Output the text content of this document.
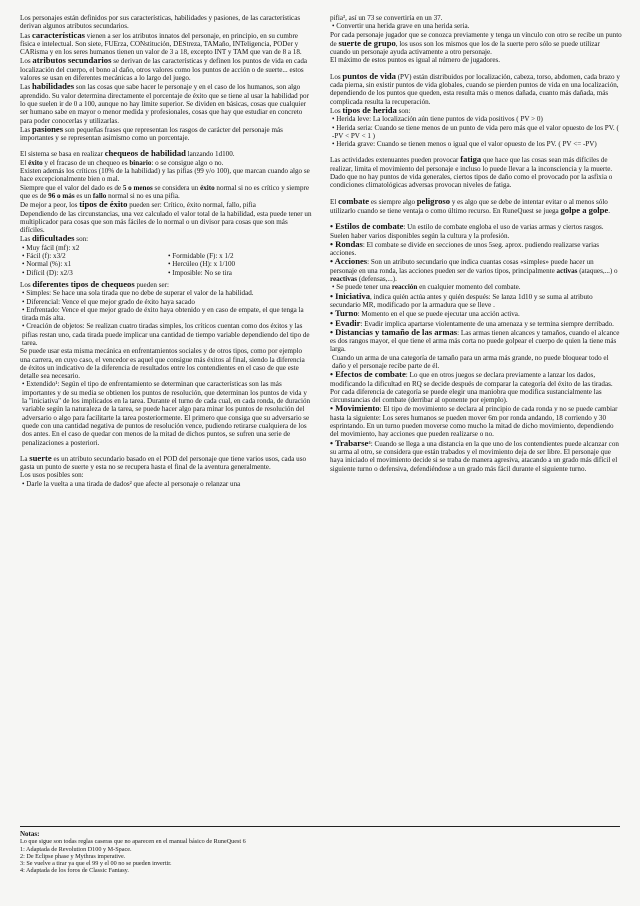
Los personajes están definidos por sus características, habilidades y pasiones, de las características derivan algunos atributos secundarios.

Las características vienen a ser los atributos innatos del personaje, en principio, en su cumbre física e intelectual. Son siete, FUErza, CONstitución, DEStreza, TAMaño, INTeligencia, PODer y CARisma y en los seres humanos tienen un valor de 3 a 18, excepto INT y TAM que van de 8 a 18.

Los atributos secundarios se derivan de las características y definen los puntos de vida en cada localización del cuerpo, el bono al daño, otros valores como los puntos de acción o de suerte... estos valores se usan en diferentes mecánicas a lo largo del juego.

Las habilidades son las cosas que sabe hacer le personaje y en el caso de los humanos, son algo aprendido. Su valor determina directamente el porcentaje de éxito que se tiene al usar la habilidad por lo que suelen ir de 0 a 100, aunque no hay límite superior. Se dividen en básicas, cosas que cualquier ser humano sabe en mayor o menor medida y profesionales, cosas que hay que estudiar en concreto para poder conocerlas y utilizarlas.

Las pasiones son pequeñas frases que representan los rasgos de carácter del personaje más importantes y se representan asimismo como un porcentaje.

El sistema se basa en realizar chequeos de habilidad lanzando 1d100.

El éxito y el fracaso de un chequeo es binario: o se consigue algo o no.

Existen además los críticos (10% de la habilidad) y las pifias (99 y/o 100), que marcan cuando algo se hace excepcionalmente bien o mal.

Siempre que el valor del dado es de 5 o menos se considera un éxito normal si no es crítico y siempre que es de 96 o más es un fallo normal si no es una pifia.

De mejor a peor, los tipos de éxito pueden ser: Crítico, éxito normal, fallo, pifia

Dependiendo de las circunstancias, una vez calculado el valor total de la habilidad, esta puede tener un multiplicador para cosas que son más fáciles de lo normal o un divisor para cosas que son más difíciles.

Las dificultades son:

• Muy fácil (mf): x2

• Fácil (f): x3/2

• Normal (%): x1

• Difícil (D): x2/3

• Formidable (F): x 1/2

• Hercúleo (H): x 1/100

• Imposible: No se tira

Los diferentes tipos de chequeos pueden ser:

• Simples: Se hace una sola tirada que no debe de superar el valor de la habilidad.

• Diferencial: Vence el que mejor grado de éxito haya sacado

• Enfrentado: Vence el que mejor grado de éxito haya obtenido y en caso de empate, el que tenga la tirada más alta.

• Creación de objetos: Se realizan cuatro tiradas simples, los críticos cuentan como dos éxitos y las pifias restan uno, cada tirada puede implicar una cantidad de tiempo variable dependiendo del tipo de tarea.

Se puede usar esta misma mecánica en enfrentamientos sociales y de otros tipos, como por ejemplo una carrera, en cuyo caso, el vencedor es aquel que consigue más éxitos al final, siendo la diferencia de éxitos un indicativo de la diferencia de resultados entre los contendientes en el caso de que este detalle sea necesario.

• Extendido¹: Según el tipo de enfrentamiento se determinan que características son las más importantes y de su media se obtienen los puntos de resolución, que determinan los puntos de vida y la "iniciativa" de los implicados en la tarea. Durante el turno de cada cual, en cada ronda, de duración variable según la naturaleza de la tarea, se puede hacer algo para minar los puntos de resolución del adversario o algo para facilitarte la tarea posteriormente. El primero que consiga que su adversario se quede con una cantidad negativa de puntos de resolución vence, pudiendo retirarse cualquiera de los dos antes. En el caso de quedar con menos de la mitad de dichos puntos, se sufren una serie de penalizaciones a posteriori.

La suerte es un atributo secundario basado en el POD del personaje que tiene varios usos, cada uso gasta un punto de suerte y esta no se recupera hasta el final de la aventura generalmente.

Los usos posibles son:

• Darle la vuelta a una tirada de dados² que afecte al personaje o relanzar una

pifia³, así un 73 se convertiría en un 37.

• Convertir una herida grave en una herida seria.

Por cada personaje jugador que se conozca previamente y tenga un vínculo con otro se recibe un punto de suerte de grupo, los usos son los mismos que los de la suerte pero sólo se puede utilizar cuando un personaje ayuda activamente a otro personaje.

El máximo de estos puntos es igual al número de jugadores.

Los puntos de vida (PV) están distribuidos por localización, cabeza, torso, abdomen, cada brazo y cada pierna, sin existir puntos de vida globales, cuando se pierden puntos de vida en una localización, dependiendo de los puntos que queden, esta resulta más o menos dañada, cuanto más dañada, más complicada resulta la recuperación.

Los tipos de herida son:

• Herida leve: La localización aún tiene puntos de vida positivos ( PV > 0)

• Herida seria: Cuando se tiene menos de un punto de vida pero más que el valor opuesto de los PV. ( -PV < PV < 1 )

• Herida grave: Cuando se tienen menos o igual que el valor opuesto de los PV. ( PV <= -PV)

Las actividades extenuantes pueden provocar fatiga que hace que las cosas sean más difíciles de realizar, limita el movimiento del personaje e incluso lo puede llevar a la inconsciencia y la muerte.

Dado que no hay puntos de vida generales, ciertos tipos de daño como el provocado por la asfixia o condiciones climatológicas adversas provocan niveles de fatiga.

El combate es siempre algo peligroso y es algo que se debe de intentar evitar o al menos sólo utilizarlo cuando se tiene ventaja o como último recurso. En RuneQuest se juega golpe a golpe.

• Estilos de combate: Un estilo de combate engloba el uso de varias armas y ciertos rasgos. Suelen haber varios disponibles según la cultura y la profesión.

• Rondas: El combate se divide en secciones de unos 5seg. aprox. pudiendo realizarse varias acciones.

• Acciones: Son un atributo secundario que indica cuantas cosas «simples» puede hacer un personaje en una ronda, las acciones pueden ser de varios tipos, principalmente activas (ataques,...) o reactivas (defensas,...).

• Se puede tener una reacción en cualquier momento del combate.

• Iniciativa, indica quién actúa antes y quién después: Se lanza 1d10 y se suma al atributo secundario MR, modificado por la armadura que se lleve .

• Turno: Momento en el que se puede ejecutar una acción activa.

• Evadir: Evadir implica apartarse violentamente de una amenaza y se termina siempre derribado.

• Distancias y tamaño de las armas: Las armas tienen alcances y tamaños, cuando el alcance es dos rangos mayor, el que tiene el arma más corta no puede golpear el cuerpo de quien la tiene más larga.

Cuando un arma de una categoría de tamaño para un arma más grande, no puede bloquear todo el daño y el personaje recibe parte de él.

• Efectos de combate: Lo que en otros juegos se declara previamente a lanzar los dados, modificando la dificultad en RQ se decide después de comparar la categoría del éxito de las tiradas. Por cada diferencia de categoría se puede elegir una maniobra que modifica sustancialmente las circunstancias del combate (derribar al oponente por ejemplo).

• Movimiento: El tipo de movimiento se declara al principio de cada ronda y no se puede cambiar hasta la siguiente: Los seres humanos se pueden mover 6m por ronda andando, 18 corriendo y 30 esprintando. En un turno pueden moverse como mucho la mitad de dicho movimiento, dependiendo del movimiento, hay acciones que pueden realizarse o no.

• Trabarse⁴: Cuando se llega a una distancia en la que uno de los contendientes puede alcanzar con su arma al otro, se considera que están trabados y el movimiento deja de ser libre. El personaje que haya iniciado el movimiento decide si se traba de manera agresiva, atacando a un grado más difícil el siguiente turno o defensiva, defendiéndose a un grado más fácil durante el siguiente turno.

Notas:
Lo que sigue son todas reglas caseras que no aparecen en el manual básico de RuneQuest 6
1: Adaptada de Revolution D100 y M-Space.
2: De Eclipse phase y Mythras imperative.
3: Se vuelve a tirar ya que el 99 y el 00 no se pueden invertir.
4: Adaptada de los foros de Classic Fantasy.
